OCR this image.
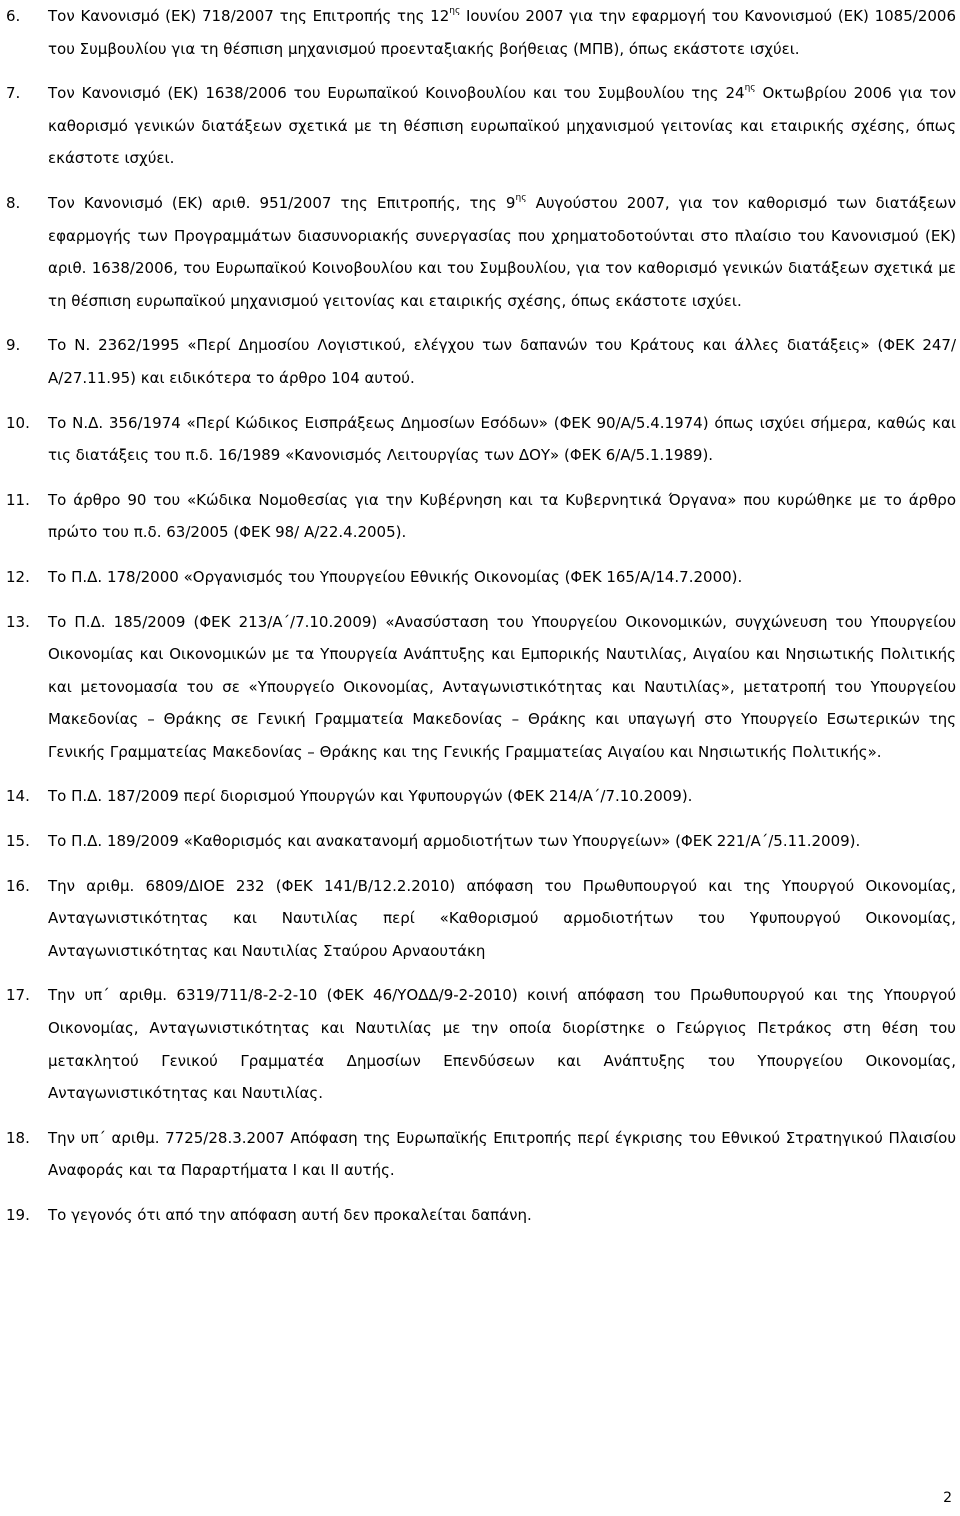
6. Τον Κανονισμό (ΕΚ) 718/2007 της Επιτροπής της $12^{\eta\varsigma}$ Ιουνίου 2007 για την εφαρμογή του Κανονισμού (ΕΚ) 1085/2006 του Συμβουλίου για τη θέσπιση μηχανισμού προενταξιακής βοήθειας (ΜΠΒ), όπως εκάστοτε ισχύει.
7. Τον Κανονισμό (ΕΚ) 1638/2006 του Ευρωπαϊκού Κοινοβουλίου και του Συμβουλίου της $24^{\eta\varsigma}$ Οκτωβρίου 2006 για τον καθορισμό γενικών διατάξεων σχετικά με τη θέσπιση ευρωπαϊκού μηχανισμού γειτονίας και εταιρικής σχέσης, όπως εκάστοτε ισχύει.
8. Τον Κανονισμό (ΕΚ) αριθ. 951/2007 της Επιτροπής, της $9^{\eta\varsigma}$ Αυγούστου 2007, για τον καθορισμό των διατάξεων εφαρμογής των Προγραμμάτων διασυνοριακής συνεργασίας που χρηματοδοτούνται στο πλαίσιο του Κανονισμού (ΕΚ) αριθ. 1638/2006, του Ευρωπαϊκού Κοινοβουλίου και του Συμβουλίου, για τον καθορισμό γενικών διατάξεων σχετικά με τη θέσπιση ευρωπαϊκού μηχανισμού γειτονίας και εταιρικής σχέσης, όπως εκάστοτε ισχύει.
9. Το Ν. 2362/1995 «Περί Δημοσίου Λογιστικού, ελέγχου των δαπανών του Κράτους και άλλες διατάξεις» (ΦΕΚ 247/Α/27.11.95) και ειδικότερα το άρθρο 104 αυτού.
10. Το Ν.Δ. 356/1974 «Περί Κώδικος Εισπράξεως Δημοσίων Εσόδων» (ΦΕΚ 90/Α/5.4.1974) όπως ισχύει σήμερα, καθώς και τις διατάξεις του π.δ. 16/1989 «Κανονισμός Λειτουργίας των ΔΟΥ» (ΦΕΚ 6/Α/5.1.1989).
11. Το άρθρο 90 του «Κώδικα Νομοθεσίας για την Κυβέρνηση και τα Κυβερνητικά Όργανα» που κυρώθηκε με το άρθρο πρώτο του π.δ. 63/2005 (ΦΕΚ 98/ Α/22.4.2005).
12. Το Π.Δ. 178/2000 «Οργανισμός του Υπουργείου Εθνικής Οικονομίας (ΦΕΚ 165/Α/14.7.2000).
13. Το Π.Δ. 185/2009 (ΦΕΚ 213/Α΄/7.10.2009) «Ανασύσταση του Υπουργείου Οικονομικών, συγχώνευση του Υπουργείου Οικονομίας και Οικονομικών με τα Υπουργεία Ανάπτυξης και Εμπορικής Ναυτιλίας, Αιγαίου και Νησιωτικής Πολιτικής και μετονομασία του σε «Υπουργείο Οικονομίας, Ανταγωνιστικότητας και Ναυτιλίας», μετατροπή του Υπουργείου Μακεδονίας – Θράκης σε Γενική Γραμματεία Μακεδονίας – Θράκης και υπαγωγή στο Υπουργείο Εσωτερικών της Γενικής Γραμματείας Μακεδονίας – Θράκης και της Γενικής Γραμματείας Αιγαίου και Νησιωτικής Πολιτικής».
14. Το Π.Δ. 187/2009 περί διορισμού Υπουργών και Υφυπουργών (ΦΕΚ 214/Α΄/7.10.2009).
15. Το Π.Δ. 189/2009 «Καθορισμός και ανακατανομή αρμοδιοτήτων των Υπουργείων» (ΦΕΚ 221/Α΄/5.11.2009).
16. Την αριθμ. 6809/ΔΙΟΕ 232 (ΦΕΚ 141/Β/12.2.2010) απόφαση του Πρωθυπουργού και της Υπουργού Οικονομίας, Ανταγωνιστικότητας και Ναυτιλίας περί «Καθορισμού αρμοδιοτήτων του Υφυπουργού Οικονομίας, Ανταγωνιστικότητας και Ναυτιλίας Σταύρου Αρναουτάκη
17. Την υπ΄ αριθμ. 6319/711/8-2-2-10 (ΦΕΚ 46/ΥΟΔΔ/9-2-2010) κοινή απόφαση του Πρωθυπουργού και της Υπουργού Οικονομίας, Ανταγωνιστικότητας και Ναυτιλίας με την οποία διορίστηκε ο Γεώργιος Πετράκος στη θέση του μετακλητού Γενικού Γραμματέα Δημοσίων Επενδύσεων και Ανάπτυξης του Υπουργείου Οικονομίας, Ανταγωνιστικότητας και Ναυτιλίας.
18. Την υπ΄ αριθμ. 7725/28.3.2007 Απόφαση της Ευρωπαϊκής Επιτροπής περί έγκρισης του Εθνικού Στρατηγικού Πλαισίου Αναφοράς και τα Παραρτήματα Ι και ΙΙ αυτής.
19. Το γεγονός ότι από την απόφαση αυτή δεν προκαλείται δαπάνη.
2
